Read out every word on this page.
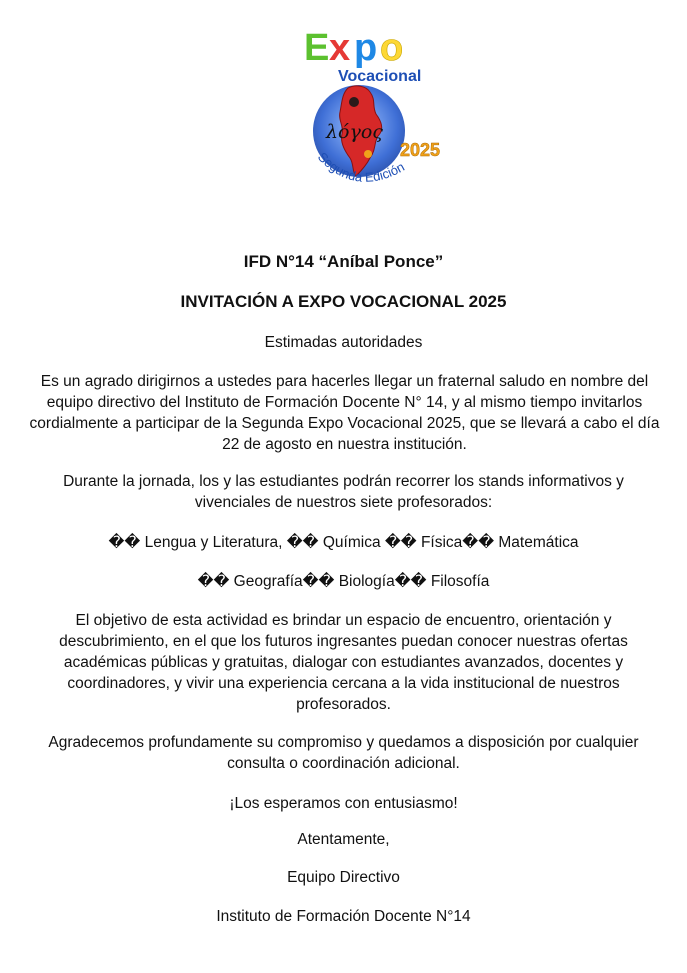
E x p o
Vocacional
λόγος
2025
Segunda Edición
IFD N°14 “Aníbal Ponce”
INVITACIÓN A EXPO VOCACIONAL 2025
Estimadas autoridades
Es un agrado dirigirnos a ustedes para hacerles llegar un fraternal saludo en nombre del equipo directivo del Instituto de Formación Docente N° 14, y al mismo tiempo invitarlos cordialmente a participar de la Segunda Expo Vocacional 2025, que se llevará a cabo el día 22 de agosto en nuestra institución.
Durante la jornada, los y las estudiantes podrán recorrer los stands informativos y vivenciales de nuestros siete profesorados:
�� Lengua y Literatura, �� Química �� Física�� Matemática
�� Geografía�� Biología�� Filosofía
El objetivo de esta actividad es brindar un espacio de encuentro, orientación y descubrimiento, en el que los futuros ingresantes puedan conocer nuestras ofertas académicas públicas y gratuitas, dialogar con estudiantes avanzados, docentes y coordinadores, y vivir una experiencia cercana a la vida institucional de nuestros profesorados.
Agradecemos profundamente su compromiso y quedamos a disposición por cualquier consulta o coordinación adicional.
¡Los esperamos con entusiasmo!
Atentamente,
Equipo Directivo
Instituto de Formación Docente N°14
